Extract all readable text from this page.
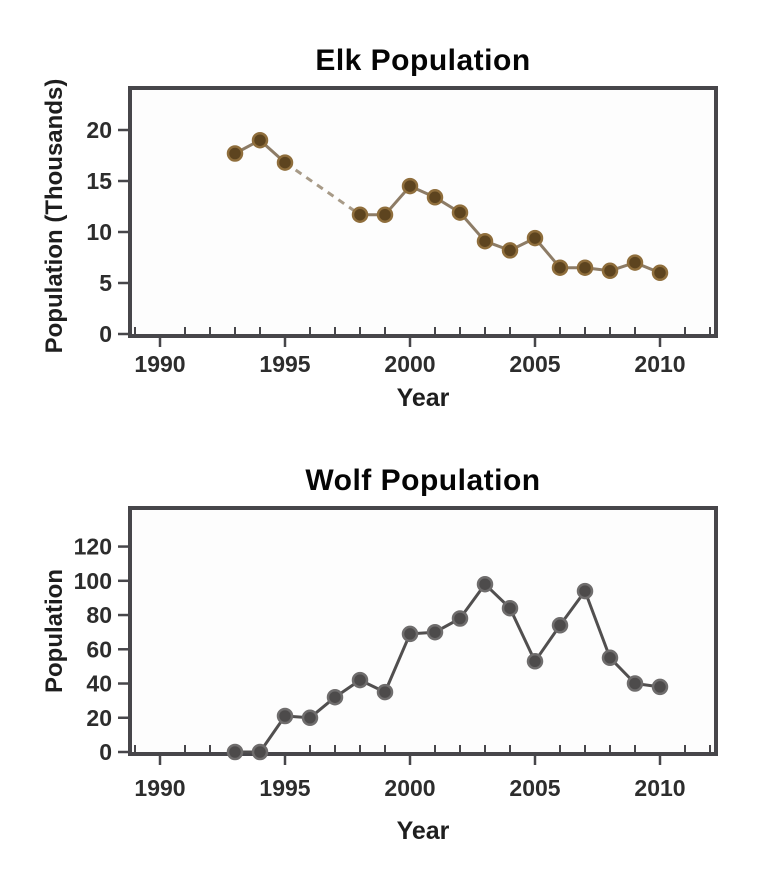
Elk Population
Population (Thousands)
Year
Wolf Population
Population
Year
1990	1995	2000	2005	2010
0
5
10
15
20
1990	1995	2000	2005	2010
0
20
40
60
80
100
120
